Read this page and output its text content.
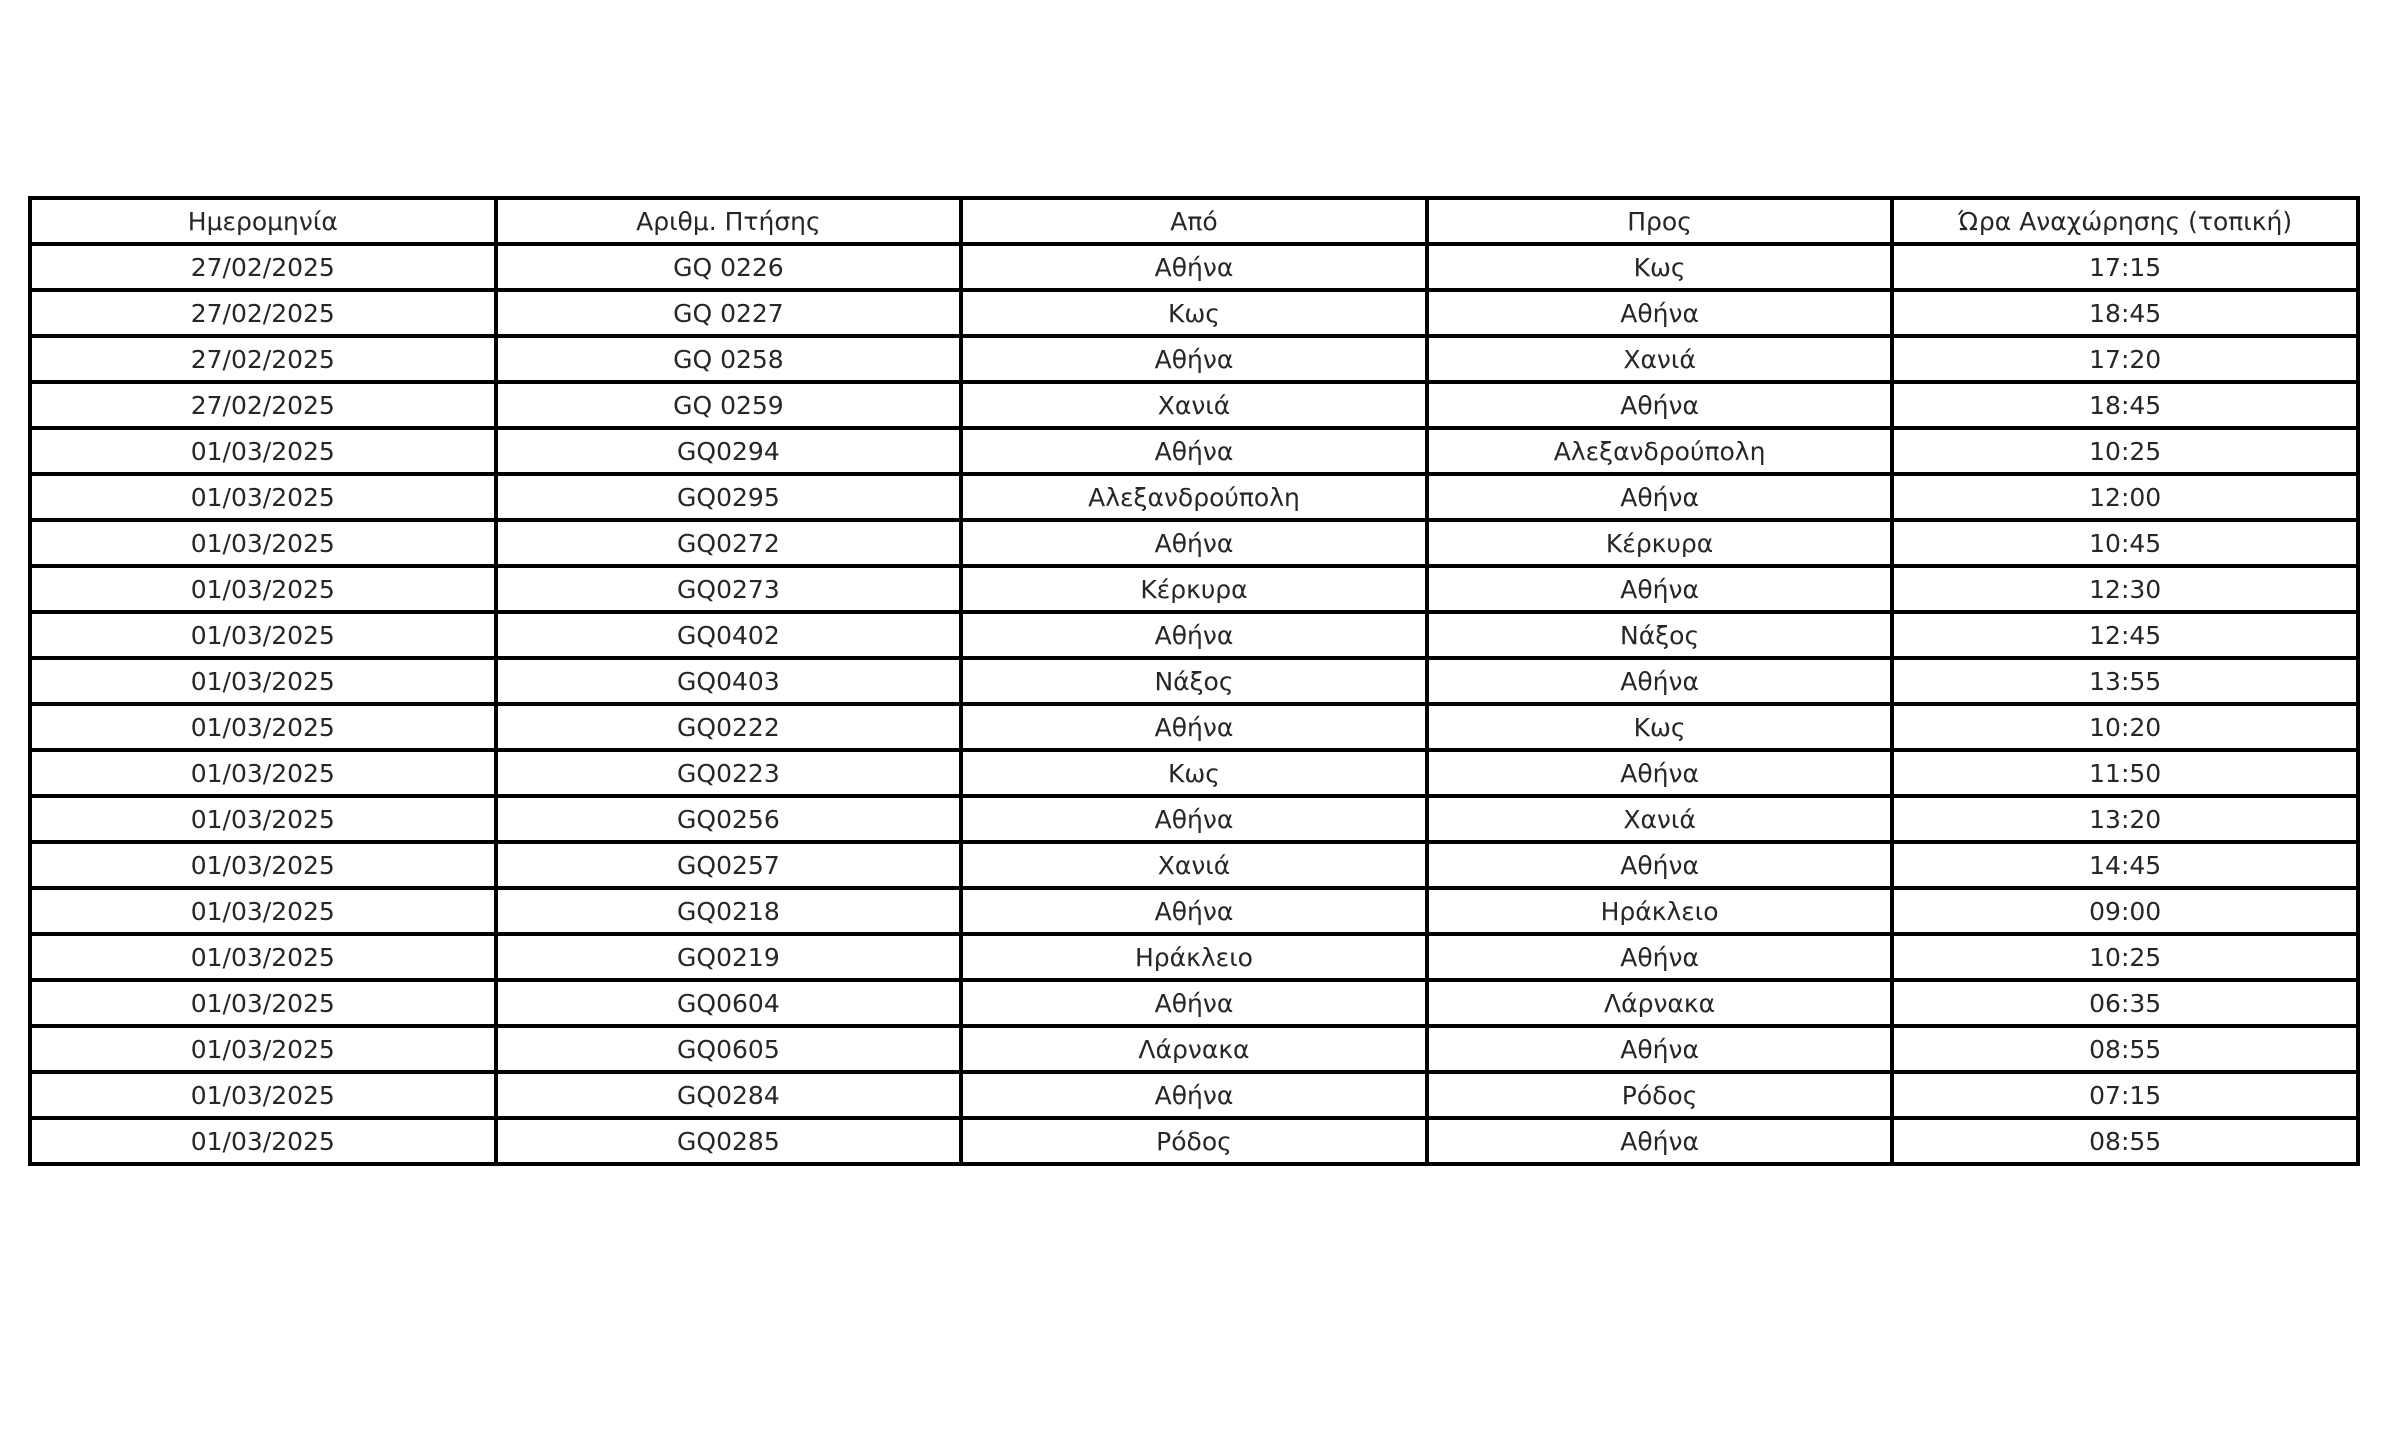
Ημερομηνία	Αριθμ. Πτήσης	Από	Προς	Ώρα Αναχώρησης (τοπική)
27/02/2025	GQ 0226	Αθήνα	Κως	17:15
27/02/2025	GQ 0227	Κως	Αθήνα	18:45
27/02/2025	GQ 0258	Αθήνα	Χανιά	17:20
27/02/2025	GQ 0259	Χανιά	Αθήνα	18:45
01/03/2025	GQ0294	Αθήνα	Αλεξανδρούπολη	10:25
01/03/2025	GQ0295	Αλεξανδρούπολη	Αθήνα	12:00
01/03/2025	GQ0272	Αθήνα	Κέρκυρα	10:45
01/03/2025	GQ0273	Κέρκυρα	Αθήνα	12:30
01/03/2025	GQ0402	Αθήνα	Νάξος	12:45
01/03/2025	GQ0403	Νάξος	Αθήνα	13:55
01/03/2025	GQ0222	Αθήνα	Κως	10:20
01/03/2025	GQ0223	Κως	Αθήνα	11:50
01/03/2025	GQ0256	Αθήνα	Χανιά	13:20
01/03/2025	GQ0257	Χανιά	Αθήνα	14:45
01/03/2025	GQ0218	Αθήνα	Ηράκλειο	09:00
01/03/2025	GQ0219	Ηράκλειο	Αθήνα	10:25
01/03/2025	GQ0604	Αθήνα	Λάρνακα	06:35
01/03/2025	GQ0605	Λάρνακα	Αθήνα	08:55
01/03/2025	GQ0284	Αθήνα	Ρόδος	07:15
01/03/2025	GQ0285	Ρόδος	Αθήνα	08:55
